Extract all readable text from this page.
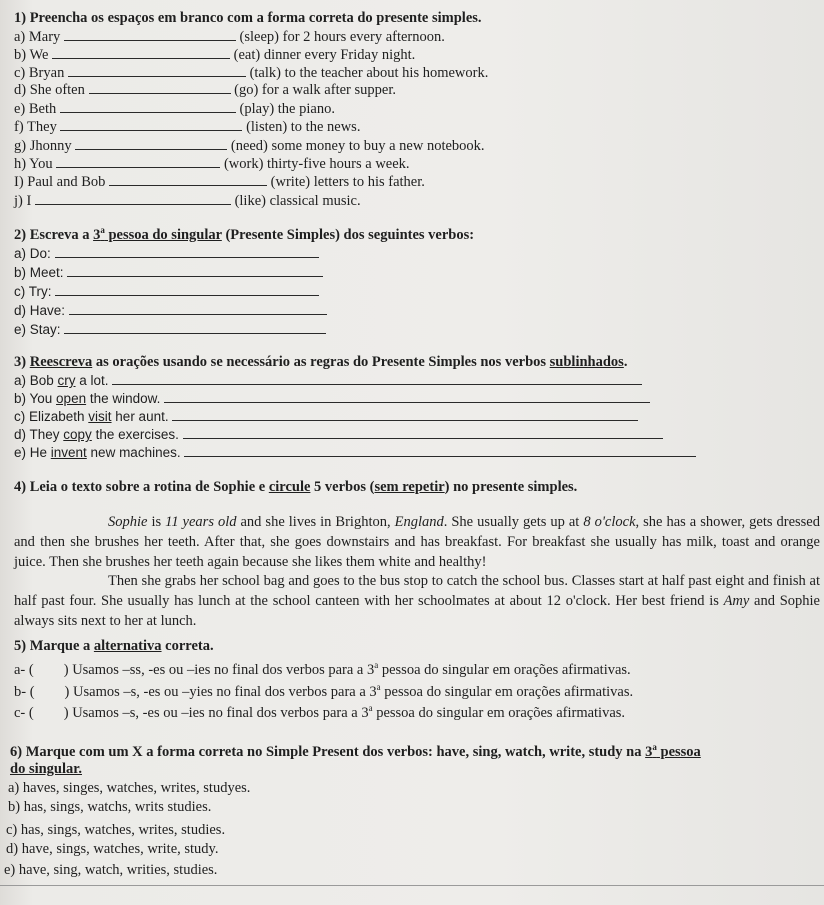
1) Preencha os espaços em branco com a forma correta do presente simples.
a) Mary	(sleep) for 2 hours every afternoon.
b) We	(eat) dinner every Friday night.
c) Bryan	(talk) to the teacher about his homework.
d) She often	(go) for a walk after supper.
e) Beth	(play) the piano.
f) They	(listen) to the news.
g) Jhonny	(need) some money to buy a new notebook.
h) You	(work) thirty-five hours a week.
I) Paul and Bob	(write) letters to his father.
j) I	(like) classical music.
2) Escreva a 3$^a$ pessoa do singular (Presente Simples) dos seguintes verbos:
a) Do:
b) Meet:
c) Try:
d) Have:
e) Stay:
3) Reescreva as orações usando se necessário as regras do Presente Simples nos verbos sublinhados.
a) Bob cry a lot.
b) You open the window.
c) Elizabeth visit her aunt.
d) They copy the exercises.
e) He invent new machines.
4) Leia o texto sobre a rotina de Sophie e circule 5 verbos (sem repetir) no presente simples.
Sophie is 11 years old and she lives in Brighton, England. She usually gets up at 8 o'clock, she has a shower, gets dressed and then she brushes her teeth. After that, she goes downstairs and has breakfast. For breakfast she usually has milk, toast and orange juice. Then she brushes her teeth again because she likes them white and healthy!
Then she grabs her school bag and goes to the bus stop to catch the school bus. Classes start at half past eight and finish at half past four. She usually has lunch at the school canteen with her schoolmates at about 12 o'clock. Her best friend is Amy and Sophie always sits next to her at lunch.
5) Marque a alternativa correta.
a- ( ) Usamos –ss, -es ou –ies no final dos verbos para a 3$^a$ pessoa do singular em orações afirmativas.
b- ( ) Usamos –s, -es ou –yies no final dos verbos para a 3$^a$ pessoa do singular em orações afirmativas.
c- ( ) Usamos –s, -es ou –ies no final dos verbos para a 3$^a$ pessoa do singular em orações afirmativas.
6) Marque com um X a forma correta no Simple Present dos verbos: have, sing, watch, write, study na 3$^a$ pessoa
do singular.
a) haves, singes, watches, writes, studyes.
b) has, sings, watchs, writs studies.
c) has, sings, watches, writes, studies.
d) have, sings, watches, write, study.
e) have, sing, watch, writies, studies.
